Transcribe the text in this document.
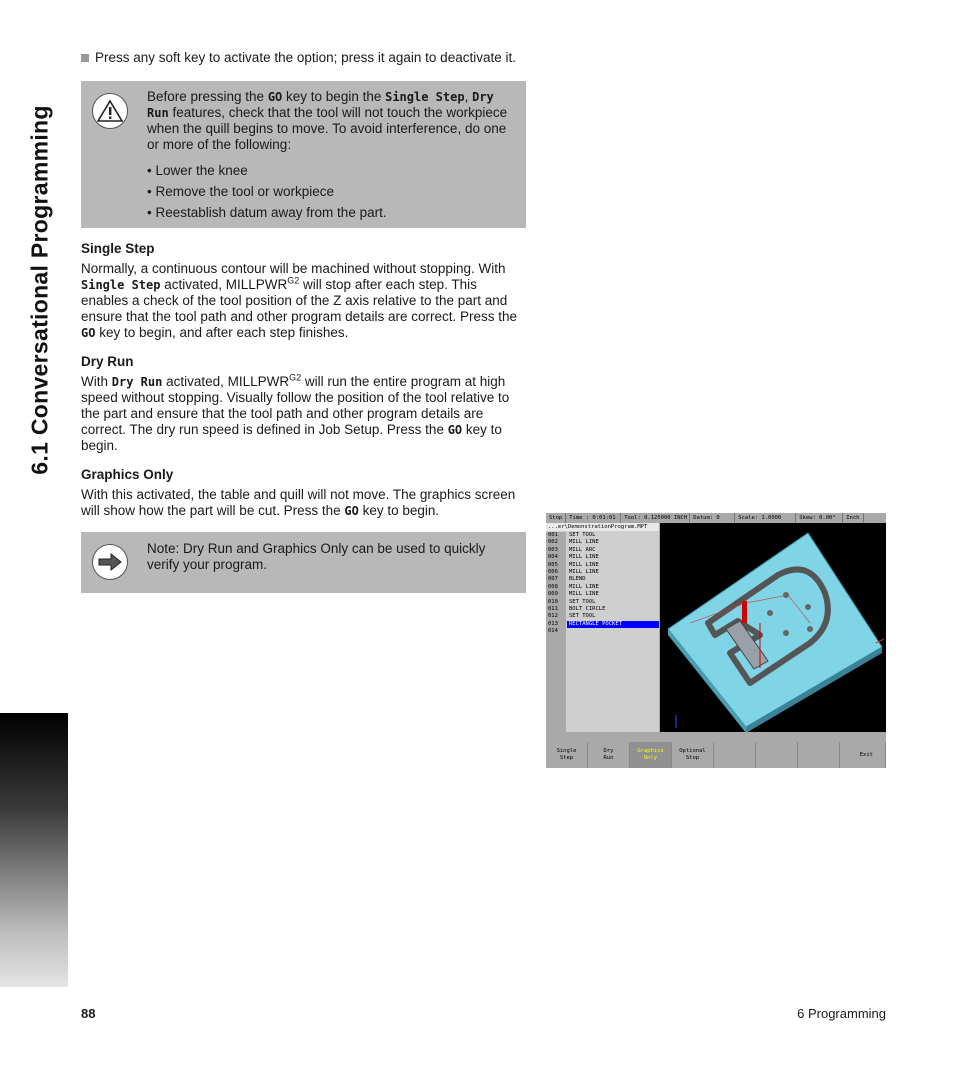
6.1 Conversational Programming
Press any soft key to activate the option; press it again to deactivate it.

Before pressing the GO key to begin the Single Step, Dry Run features, check that the tool will not touch the workpiece when the quill begins to move. To avoid interference, do one or more of the following:

• Lower the knee
• Remove the tool or workpiece
• Reestablish datum away from the part.
Single Step

Normally, a continuous contour will be machined without stopping. With Single Step activated, $MILLPWR^{G2}$ will stop after each step. This enables a check of the tool position of the Z axis relative to the part and ensure that the tool path and other program details are correct. Press the GO key to begin, and after each step finishes.

Dry Run

With Dry Run activated, $MILLPWR^{G2}$ will run the entire program at high speed without stopping. Visually follow the position of the tool relative to the part and ensure that the tool path and other program details are correct. The dry run speed is defined in Job Setup. Press the GO key to begin.

Graphics Only

With this activated, the table and quill will not move. The graphics screen will show how the part will be cut. Press the GO key to begin.

Note: Dry Run and Graphics Only can be used to quickly verify your program.
Stop	Time : 0:01:01	Tool: 0.125000 INCH	Datum: 0	Scale: 1.0000	Skew: 0.00°	Inch
...er\DemonstrationProgram.MPT
001	SET TOOL
002	MILL LINE
003	MILL ARC
004	MILL LINE
005	MILL LINE
006	MILL LINE
007	BLEND
008	MILL LINE
009	MILL LINE
010	SET TOOL
011	BOLT CIRCLE
012	SET TOOL
013	RECTANGLE POCKET
014
Single
Step
Dry
Run
Graphics
Only
Optional
Stop	Exit
88	6 Programming
